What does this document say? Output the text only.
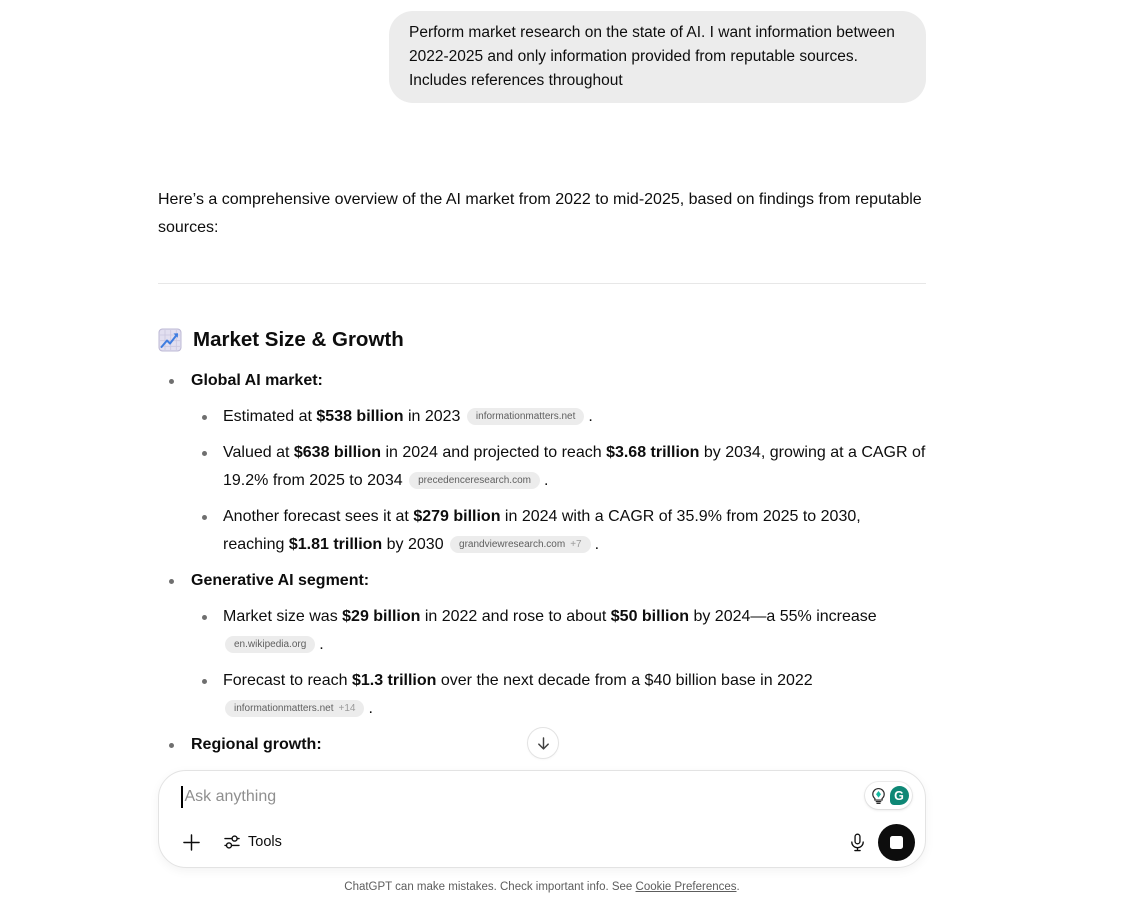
Perform market research on the state of AI. I want information between 2022-2025 and only information provided from reputable sources. Includes references throughout

Here’s a comprehensive overview of the AI market from 2022 to mid-2025, based on findings from reputable sources:

Market Size & Growth
Global AI market:
Estimated at $538 billion in 2023 informationmatters.net .
Valued at $638 billion in 2024 and projected to reach $3.68 trillion by 2034, growing at a CAGR of 19.2% from 2025 to 2034 precedenceresearch.com .
Another forecast sees it at $279 billion in 2024 with a CAGR of 35.9% from 2025 to 2030, reaching $1.81 trillion by 2030 grandviewresearch.com +7 .
Generative AI segment:
Market size was $29 billion in 2022 and rose to about $50 billion by 2024—a 55% increase en.wikipedia.org .
Forecast to reach $1.3 trillion over the next decade from a $40 billion base in 2022 informationmatters.net +14 .
Regional growth:
Ask anything	G
Tools
ChatGPT can make mistakes. Check important info. See Cookie Preferences.
